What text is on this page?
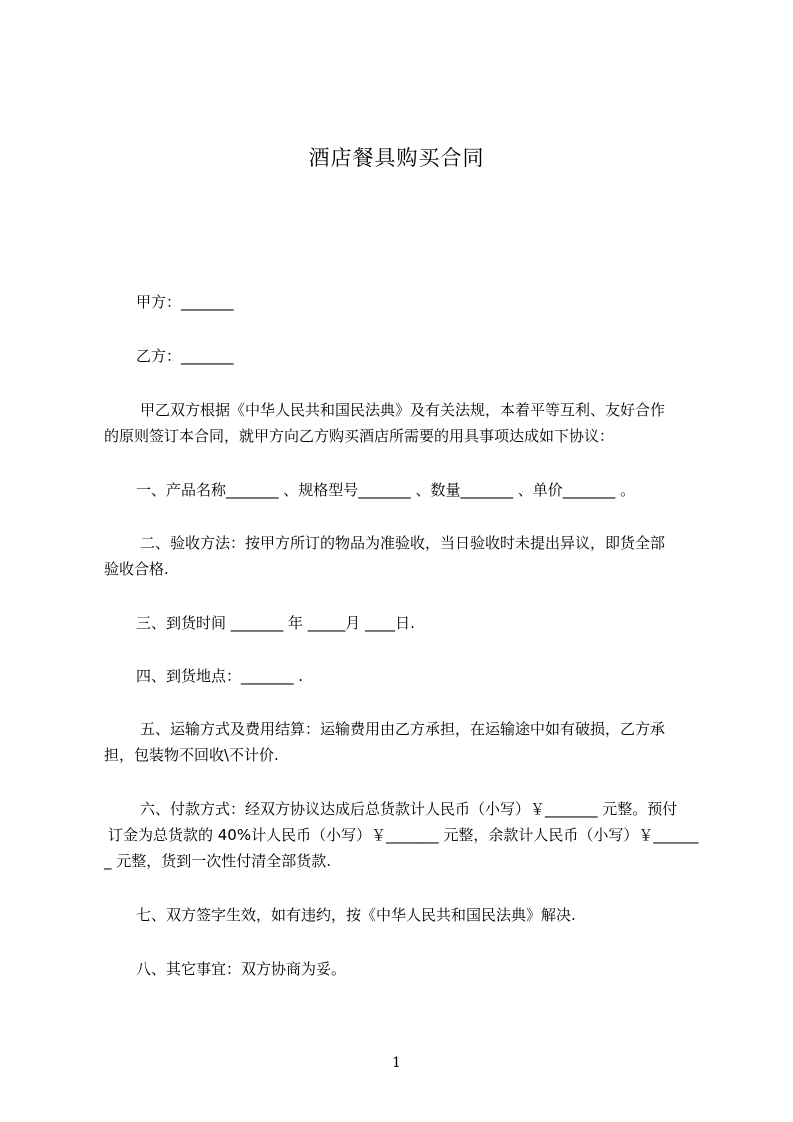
酒店餐具购买合同
甲方：_______
乙方：_______
甲乙双方根据《中华人民共和国民法典》及有关法规，本着平等互利、友好合作
的原则签订本合同，就甲方向乙方购买酒店所需要的用具事项达成如下协议：
一、产品名称_______ 、规格型号_______ 、数量_______ 、单价_______ 。
二、验收方法：按甲方所订的物品为准验收，当日验收时未提出异议，即货全部
验收合格.
三、到货时间 _______ 年 _____月 ____日.
四、到货地点：_______ .
五、运输方式及费用结算：运输费用由乙方承担，在运输途中如有破损，乙方承
担，包装物不回收\不计价.
六、付款方式：经双方协议达成后总货款计人民币（小写）￥_______ 元整。预付
订金为总货款的 40%计人民币（小写）￥_______ 元整，余款计人民币（小写）￥______
_ 元整，货到一次性付清全部货款.
七、双方签字生效，如有违约，按《中华人民共和国民法典》解决.
八、其它事宜：双方协商为妥。
1
